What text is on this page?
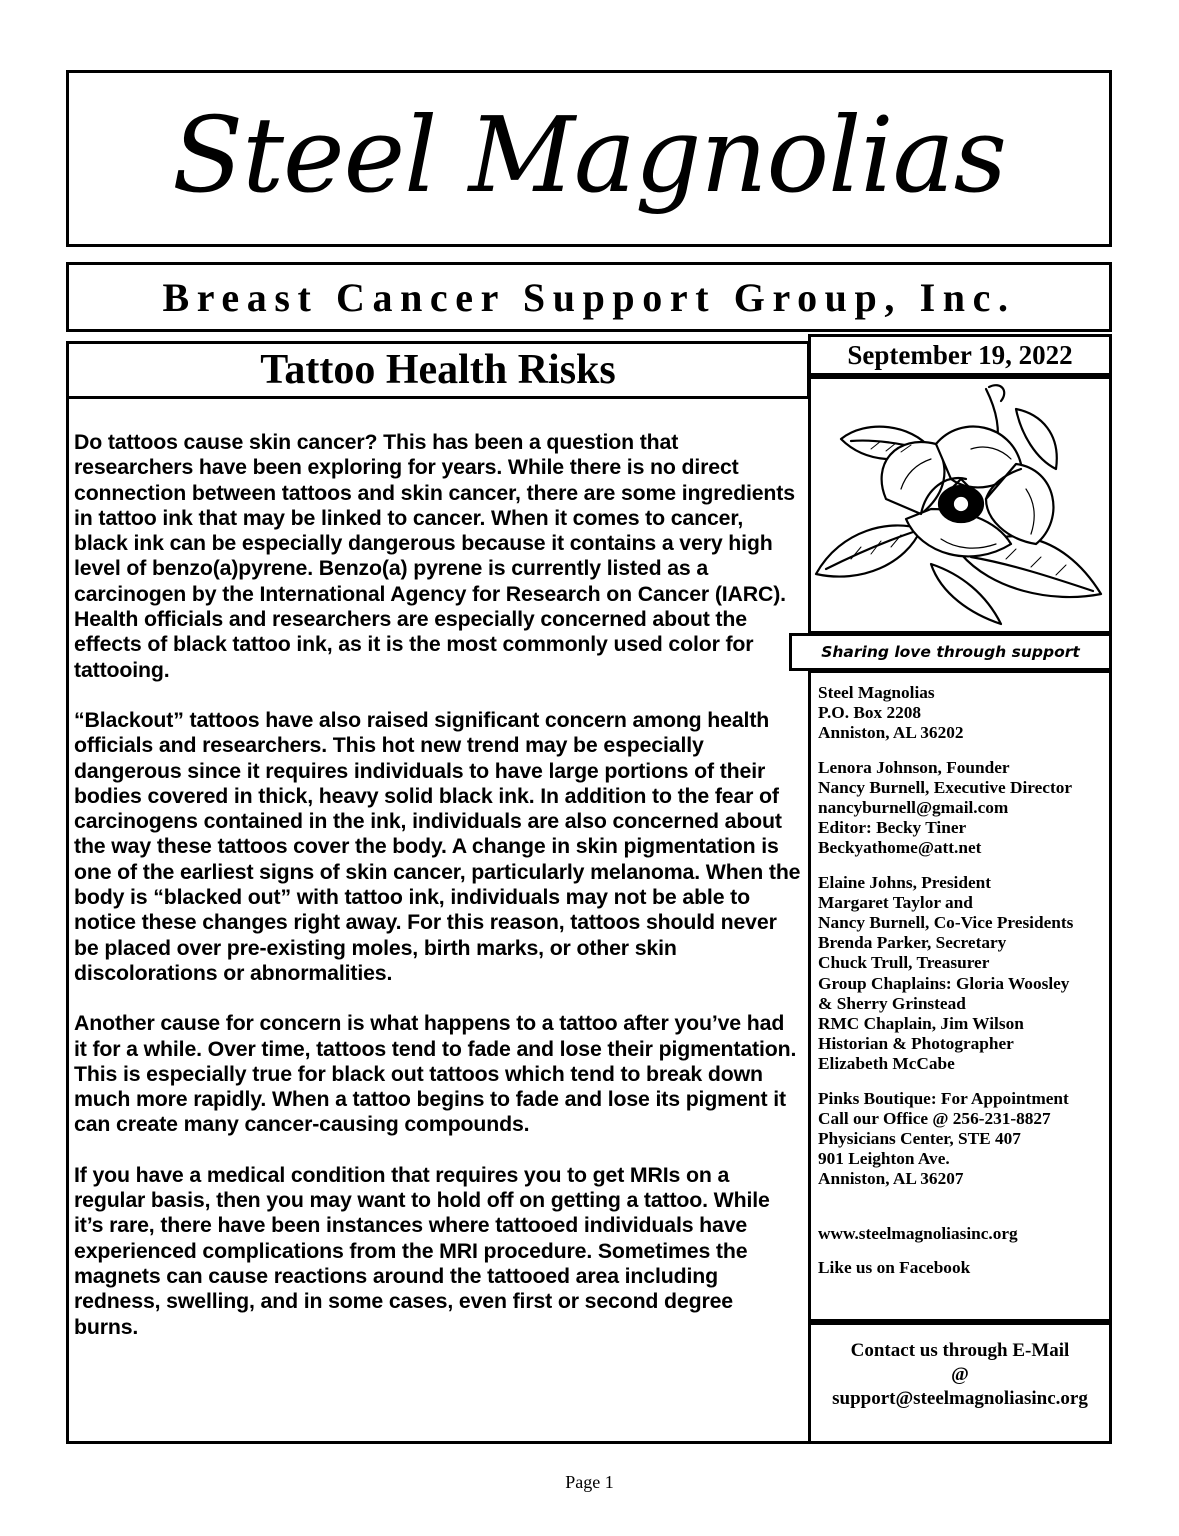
Steel Magnolias
Breast Cancer Support Group, Inc.
Tattoo Health Risks

Do tattoos cause skin cancer? This has been a question that researchers have been exploring for years. While there is no direct connection between tattoos and skin cancer, there are some ingredients in tattoo ink that may be linked to cancer. When it comes to cancer, black ink can be especially dangerous because it contains a very high level of benzo(a)pyrene. Benzo(a) pyrene is currently listed as a carcinogen by the International Agency for Research on Cancer (IARC). Health officials and researchers are especially concerned about the effects of black tattoo ink, as it is the most commonly used color for tattooing.

“Blackout” tattoos have also raised significant concern among health officials and researchers. This hot new trend may be especially dangerous since it requires individuals to have large portions of their bodies covered in thick, heavy solid black ink. In addition to the fear of carcinogens contained in the ink, individuals are also concerned about the way these tattoos cover the body. A change in skin pigmentation is one of the earliest signs of skin cancer, particularly melanoma. When the body is “blacked out” with tattoo ink, individuals may not be able to notice these changes right away. For this reason, tattoos should never be placed over pre-existing moles, birth marks, or other skin discolorations or abnormalities.

Another cause for concern is what happens to a tattoo after you’ve had it for a while. Over time, tattoos tend to fade and lose their pigmentation. This is especially true for black out tattoos which tend to break down much more rapidly. When a tattoo begins to fade and lose its pigment it can create many cancer-causing compounds.

If you have a medical condition that requires you to get MRIs on a regular basis, then you may want to hold off on getting a tattoo. While it’s rare, there have been instances where tattooed individuals have experienced complications from the MRI procedure. Sometimes the magnets can cause reactions around the tattooed area including redness, swelling, and in some cases, even first or second degree burns.

September 19, 2022
Sharing love through support
Steel Magnolias
P.O. Box 2208
Anniston, AL 36202
Lenora Johnson, Founder
Nancy Burnell, Executive Director
nancyburnell@gmail.com
Editor: Becky Tiner
Beckyathome@att.net
Elaine Johns, President
Margaret Taylor and
Nancy Burnell, Co-Vice Presidents
Brenda Parker, Secretary
Chuck Trull, Treasurer
Group Chaplains: Gloria Woosley
& Sherry Grinstead
RMC Chaplain, Jim Wilson
Historian & Photographer
Elizabeth McCabe
Pinks Boutique: For Appointment
Call our Office @ 256-231-8827
Physicians Center, STE 407
901 Leighton Ave.
Anniston, AL 36207
www.steelmagnoliasinc.org
Like us on Facebook
Contact us through E-Mail
@
support@steelmagnoliasinc.org
Page 1
